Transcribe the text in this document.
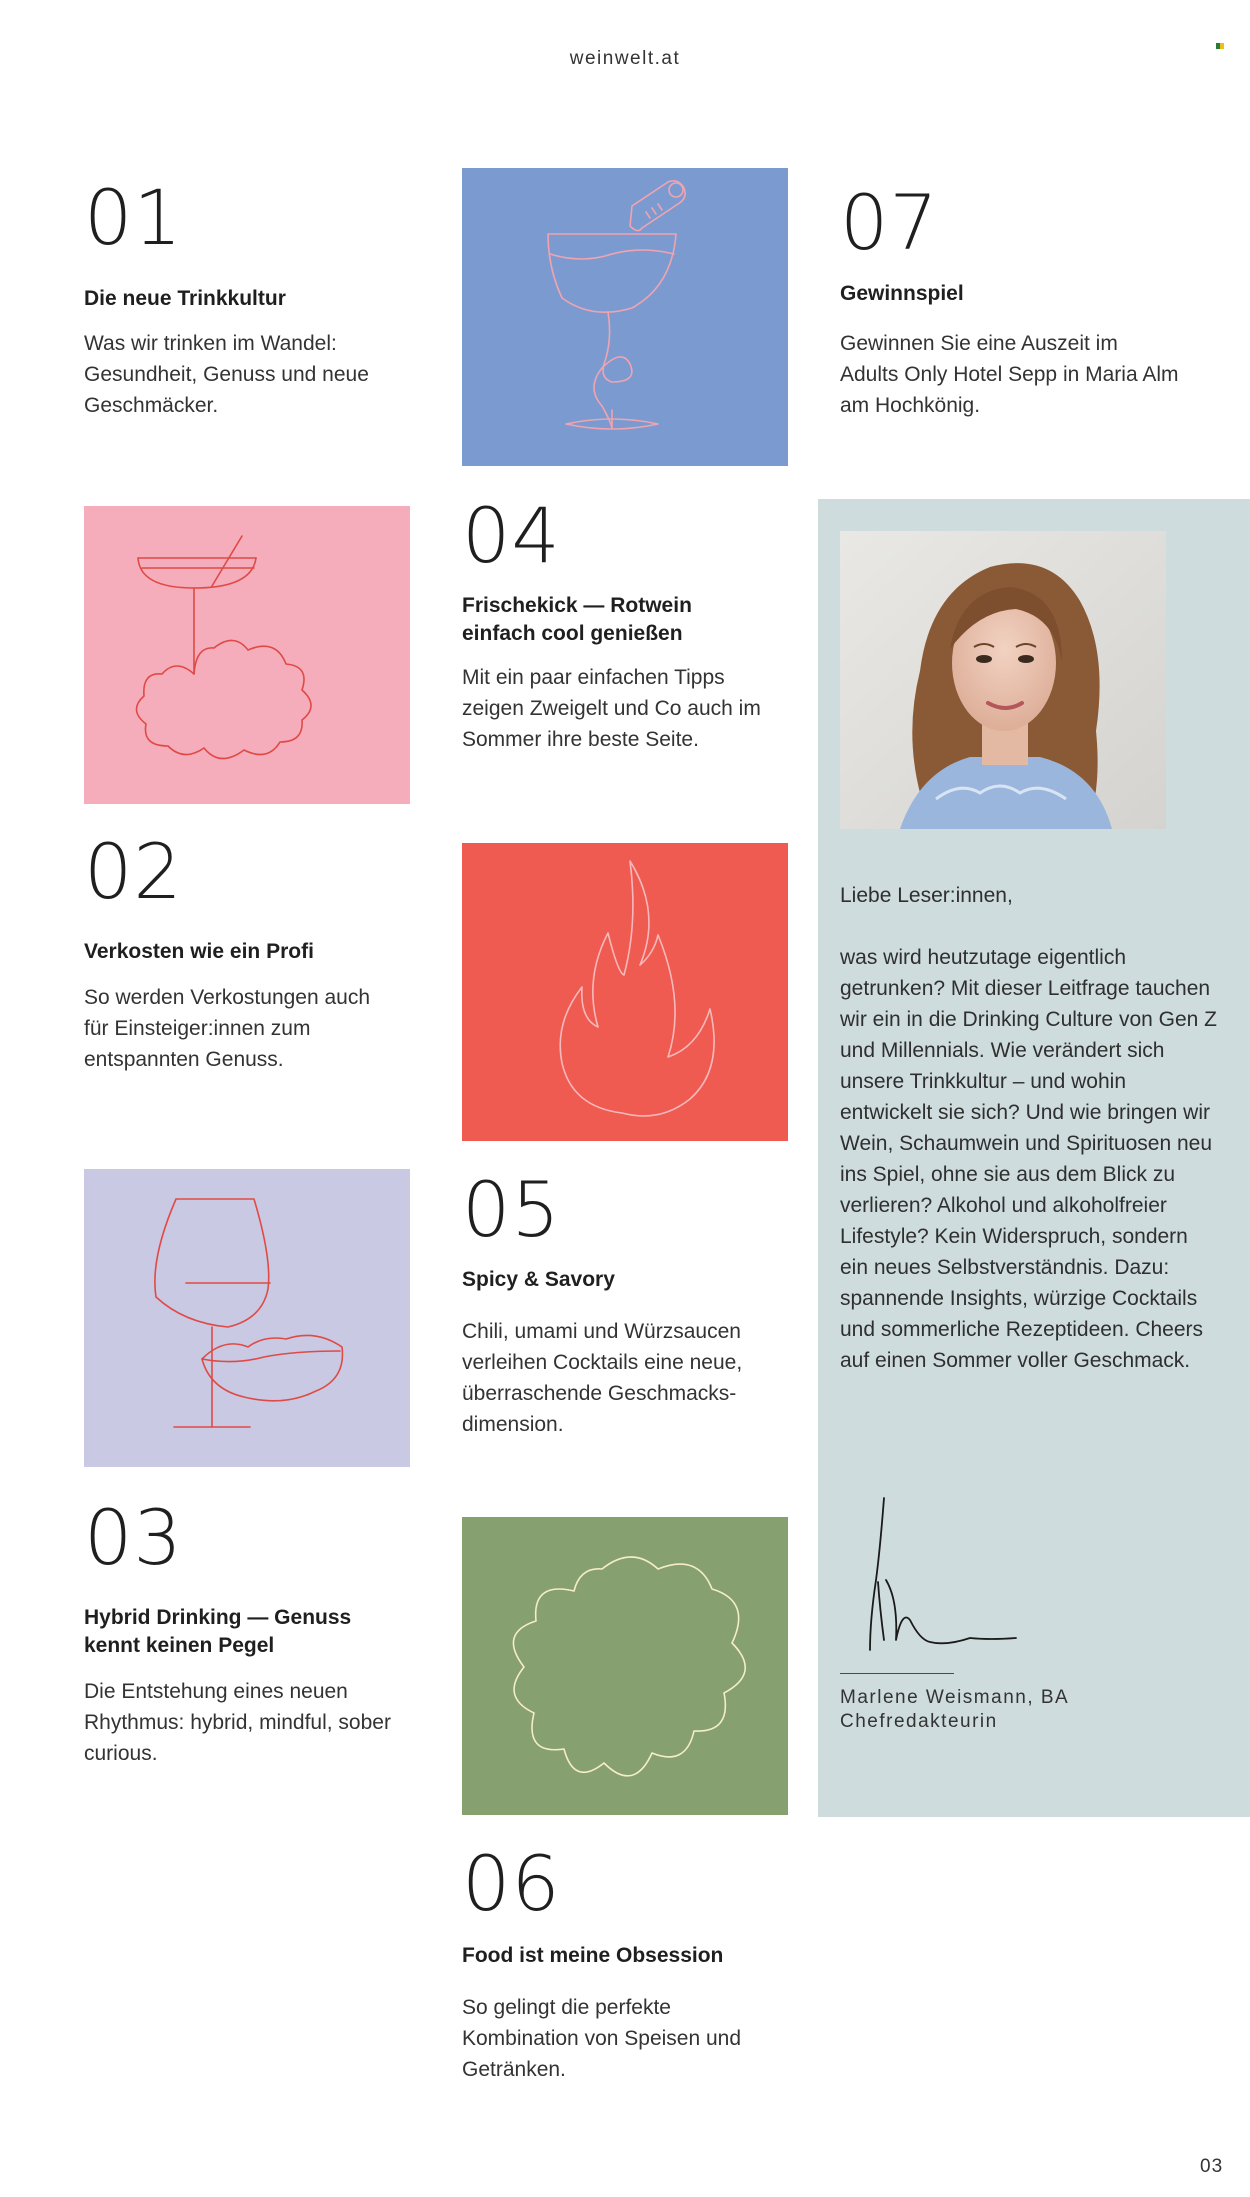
weinwelt.at
01
Die neue Trinkkultur
Was wir trinken im Wandel: Gesundheit, Genuss und neue Geschmäcker.
02
Verkosten wie ein Profi
So werden Verkostungen auch für Einsteiger:innen zum entspannten Genuss.
03
Hybrid Drinking — Genuss kennt keinen Pegel
Die Entstehung eines neuen Rhythmus: hybrid, mindful, sober curious.
04
Frischekick — Rotwein einfach cool genießen
Mit ein paar einfachen Tipps zeigen Zweigelt und Co auch im Sommer ihre beste Seite.
05
Spicy & Savory
Chili, umami und Würzsaucen verleihen Cocktails eine neue, überraschende Geschmacks-dimension.
06
Food ist meine Obsession
So gelingt die perfekte Kombination von Speisen und Getränken.
07
Gewinnspiel
Gewinnen Sie eine Auszeit im Adults Only Hotel Sepp in Maria Alm am Hochkönig.

Liebe Leser:innen,

was wird heutzutage eigentlich getrunken? Mit dieser Leitfrage tauchen wir ein in die Drinking Culture von Gen Z und Millennials. Wie verändert sich unsere Trinkkultur – und wohin entwickelt sie sich? Und wie bringen wir Wein, Schaumwein und Spirituosen neu ins Spiel, ohne sie aus dem Blick zu verlieren? Alkohol und alkoholfreier Lifestyle? Kein Widerspruch, sondern ein neues Selbstverständnis. Dazu: spannende Insights, würzige Cocktails und sommerliche Rezeptideen. Cheers auf einen Sommer voller Geschmack.

Marlene Weismann, BA
Chefredakteurin
03
